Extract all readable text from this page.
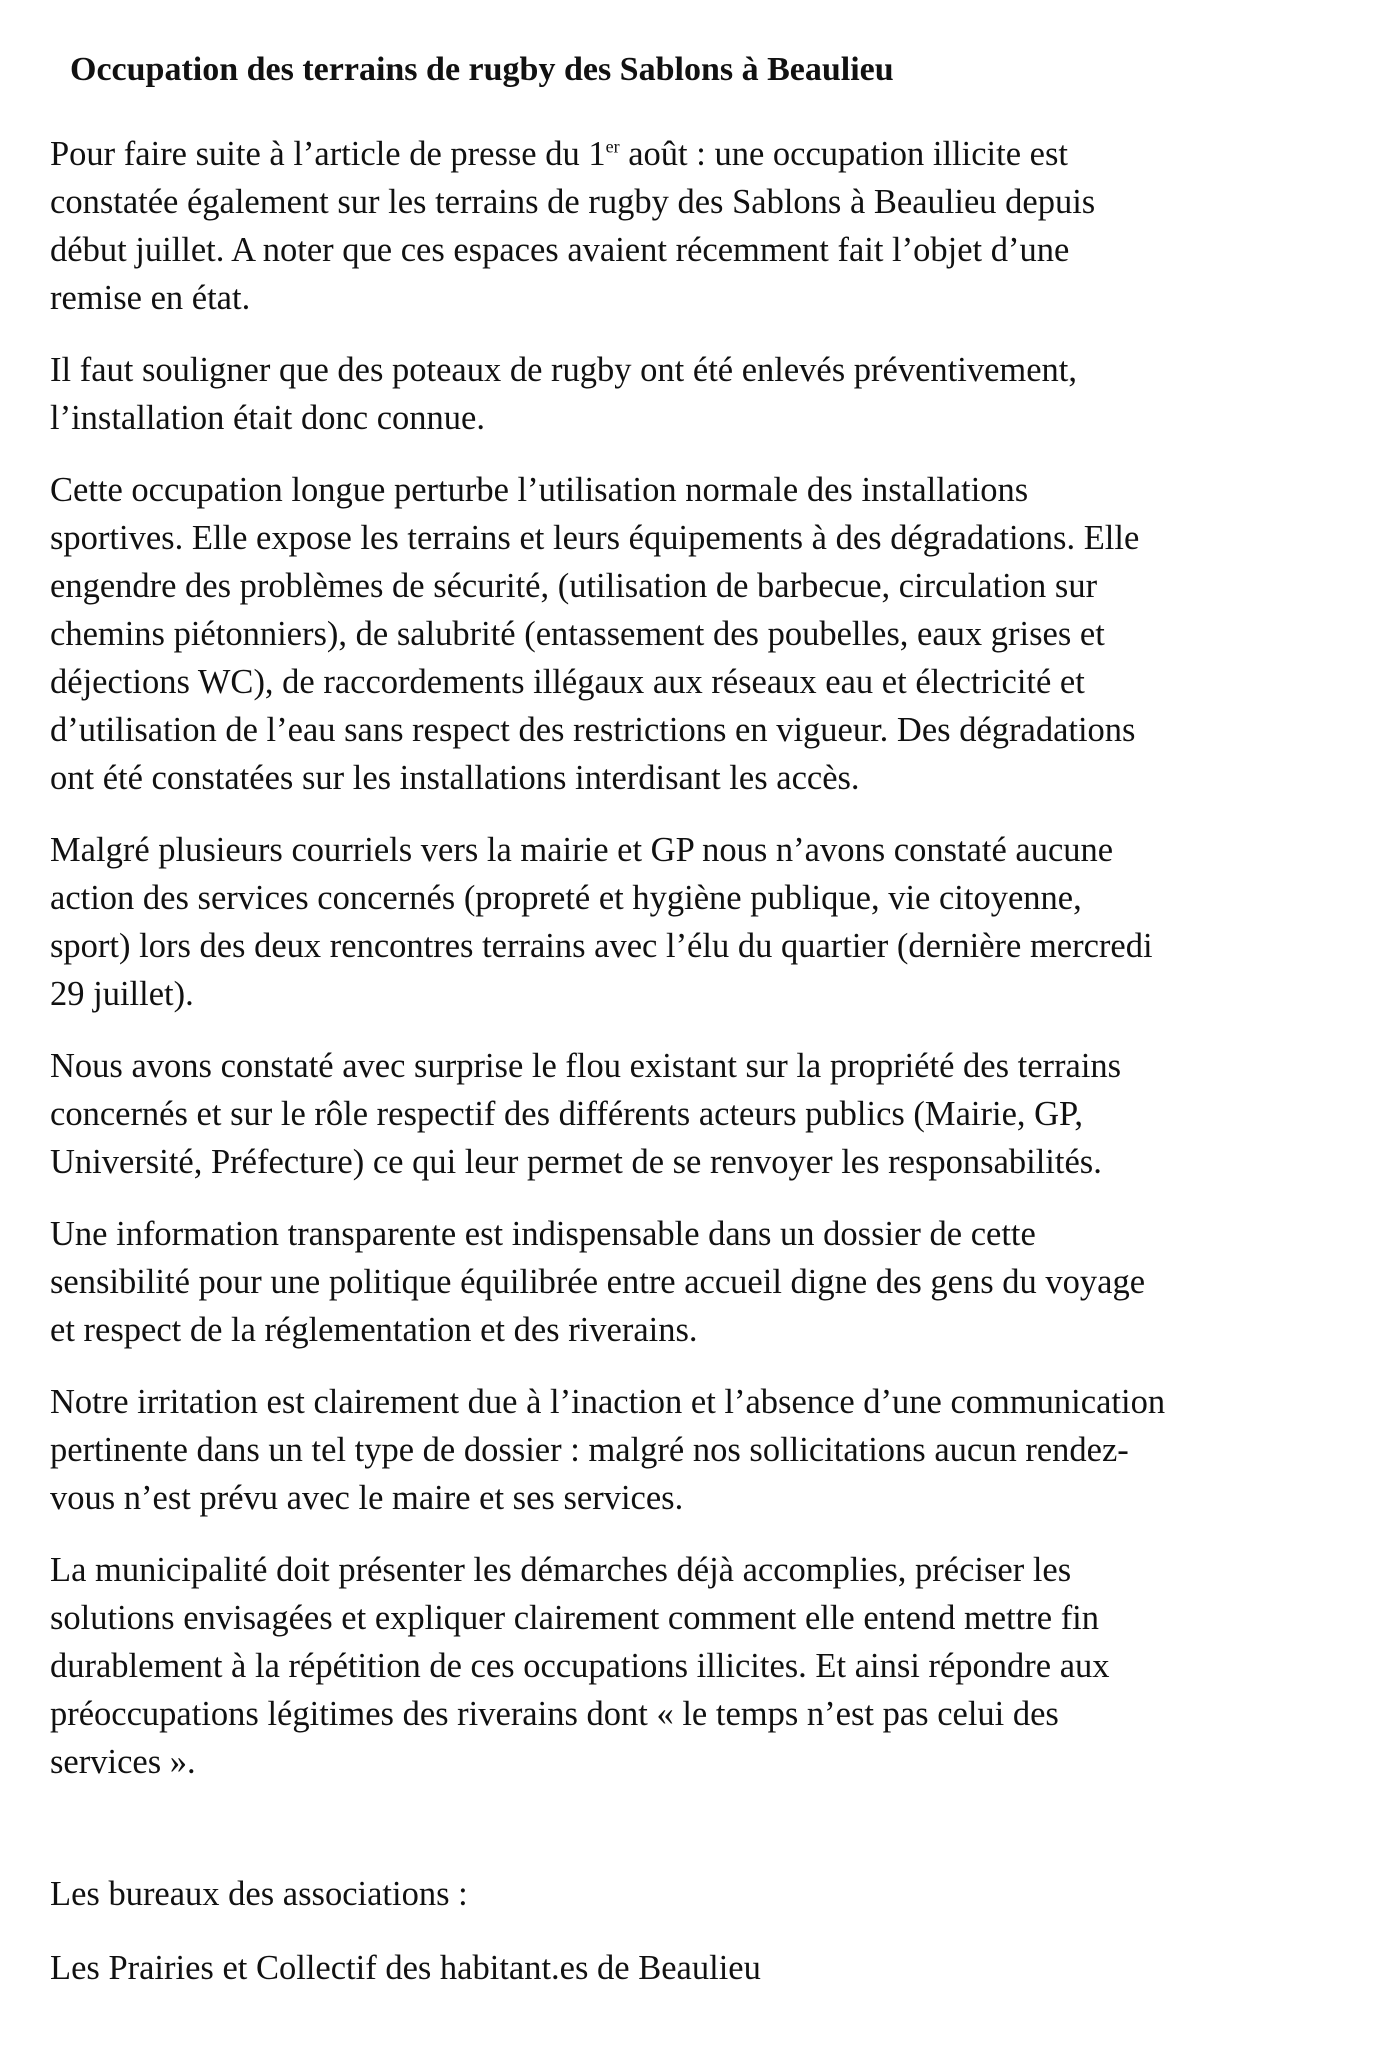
Occupation des terrains de rugby des Sablons à Beaulieu

Pour faire suite à l’article de presse du 1er août : une occupation illicite est
constatée également sur les terrains de rugby des Sablons à Beaulieu depuis
début juillet. A noter que ces espaces avaient récemment fait l’objet d’une
remise en état.

Il faut souligner que des poteaux de rugby ont été enlevés préventivement,
l’installation était donc connue.

Cette occupation longue perturbe l’utilisation normale des installations
sportives. Elle expose les terrains et leurs équipements à des dégradations. Elle
engendre des problèmes de sécurité, (utilisation de barbecue, circulation sur
chemins piétonniers), de salubrité (entassement des poubelles, eaux grises et
déjections WC), de raccordements illégaux aux réseaux eau et électricité et
d’utilisation de l’eau sans respect des restrictions en vigueur. Des dégradations
ont été constatées sur les installations interdisant les accès.

Malgré plusieurs courriels vers la mairie et GP nous n’avons constaté aucune
action des services concernés (propreté et hygiène publique, vie citoyenne,
sport) lors des deux rencontres terrains avec l’élu du quartier (dernière mercredi
29 juillet).

Nous avons constaté avec surprise le flou existant sur la propriété des terrains
concernés et sur le rôle respectif des différents acteurs publics (Mairie, GP,
Université, Préfecture) ce qui leur permet de se renvoyer les responsabilités.

Une information transparente est indispensable dans un dossier de cette
sensibilité pour une politique équilibrée entre accueil digne des gens du voyage
et respect de la réglementation et des riverains.

Notre irritation est clairement due à l’inaction et l’absence d’une communication
pertinente dans un tel type de dossier : malgré nos sollicitations aucun rendez-
vous n’est prévu avec le maire et ses services.

La municipalité doit présenter les démarches déjà accomplies, préciser les
solutions envisagées et expliquer clairement comment elle entend mettre fin
durablement à la répétition de ces occupations illicites. Et ainsi répondre aux
préoccupations légitimes des riverains dont « le temps n’est pas celui des
services ».

Les bureaux des associations :
Les Prairies et Collectif des habitant.es de Beaulieu
